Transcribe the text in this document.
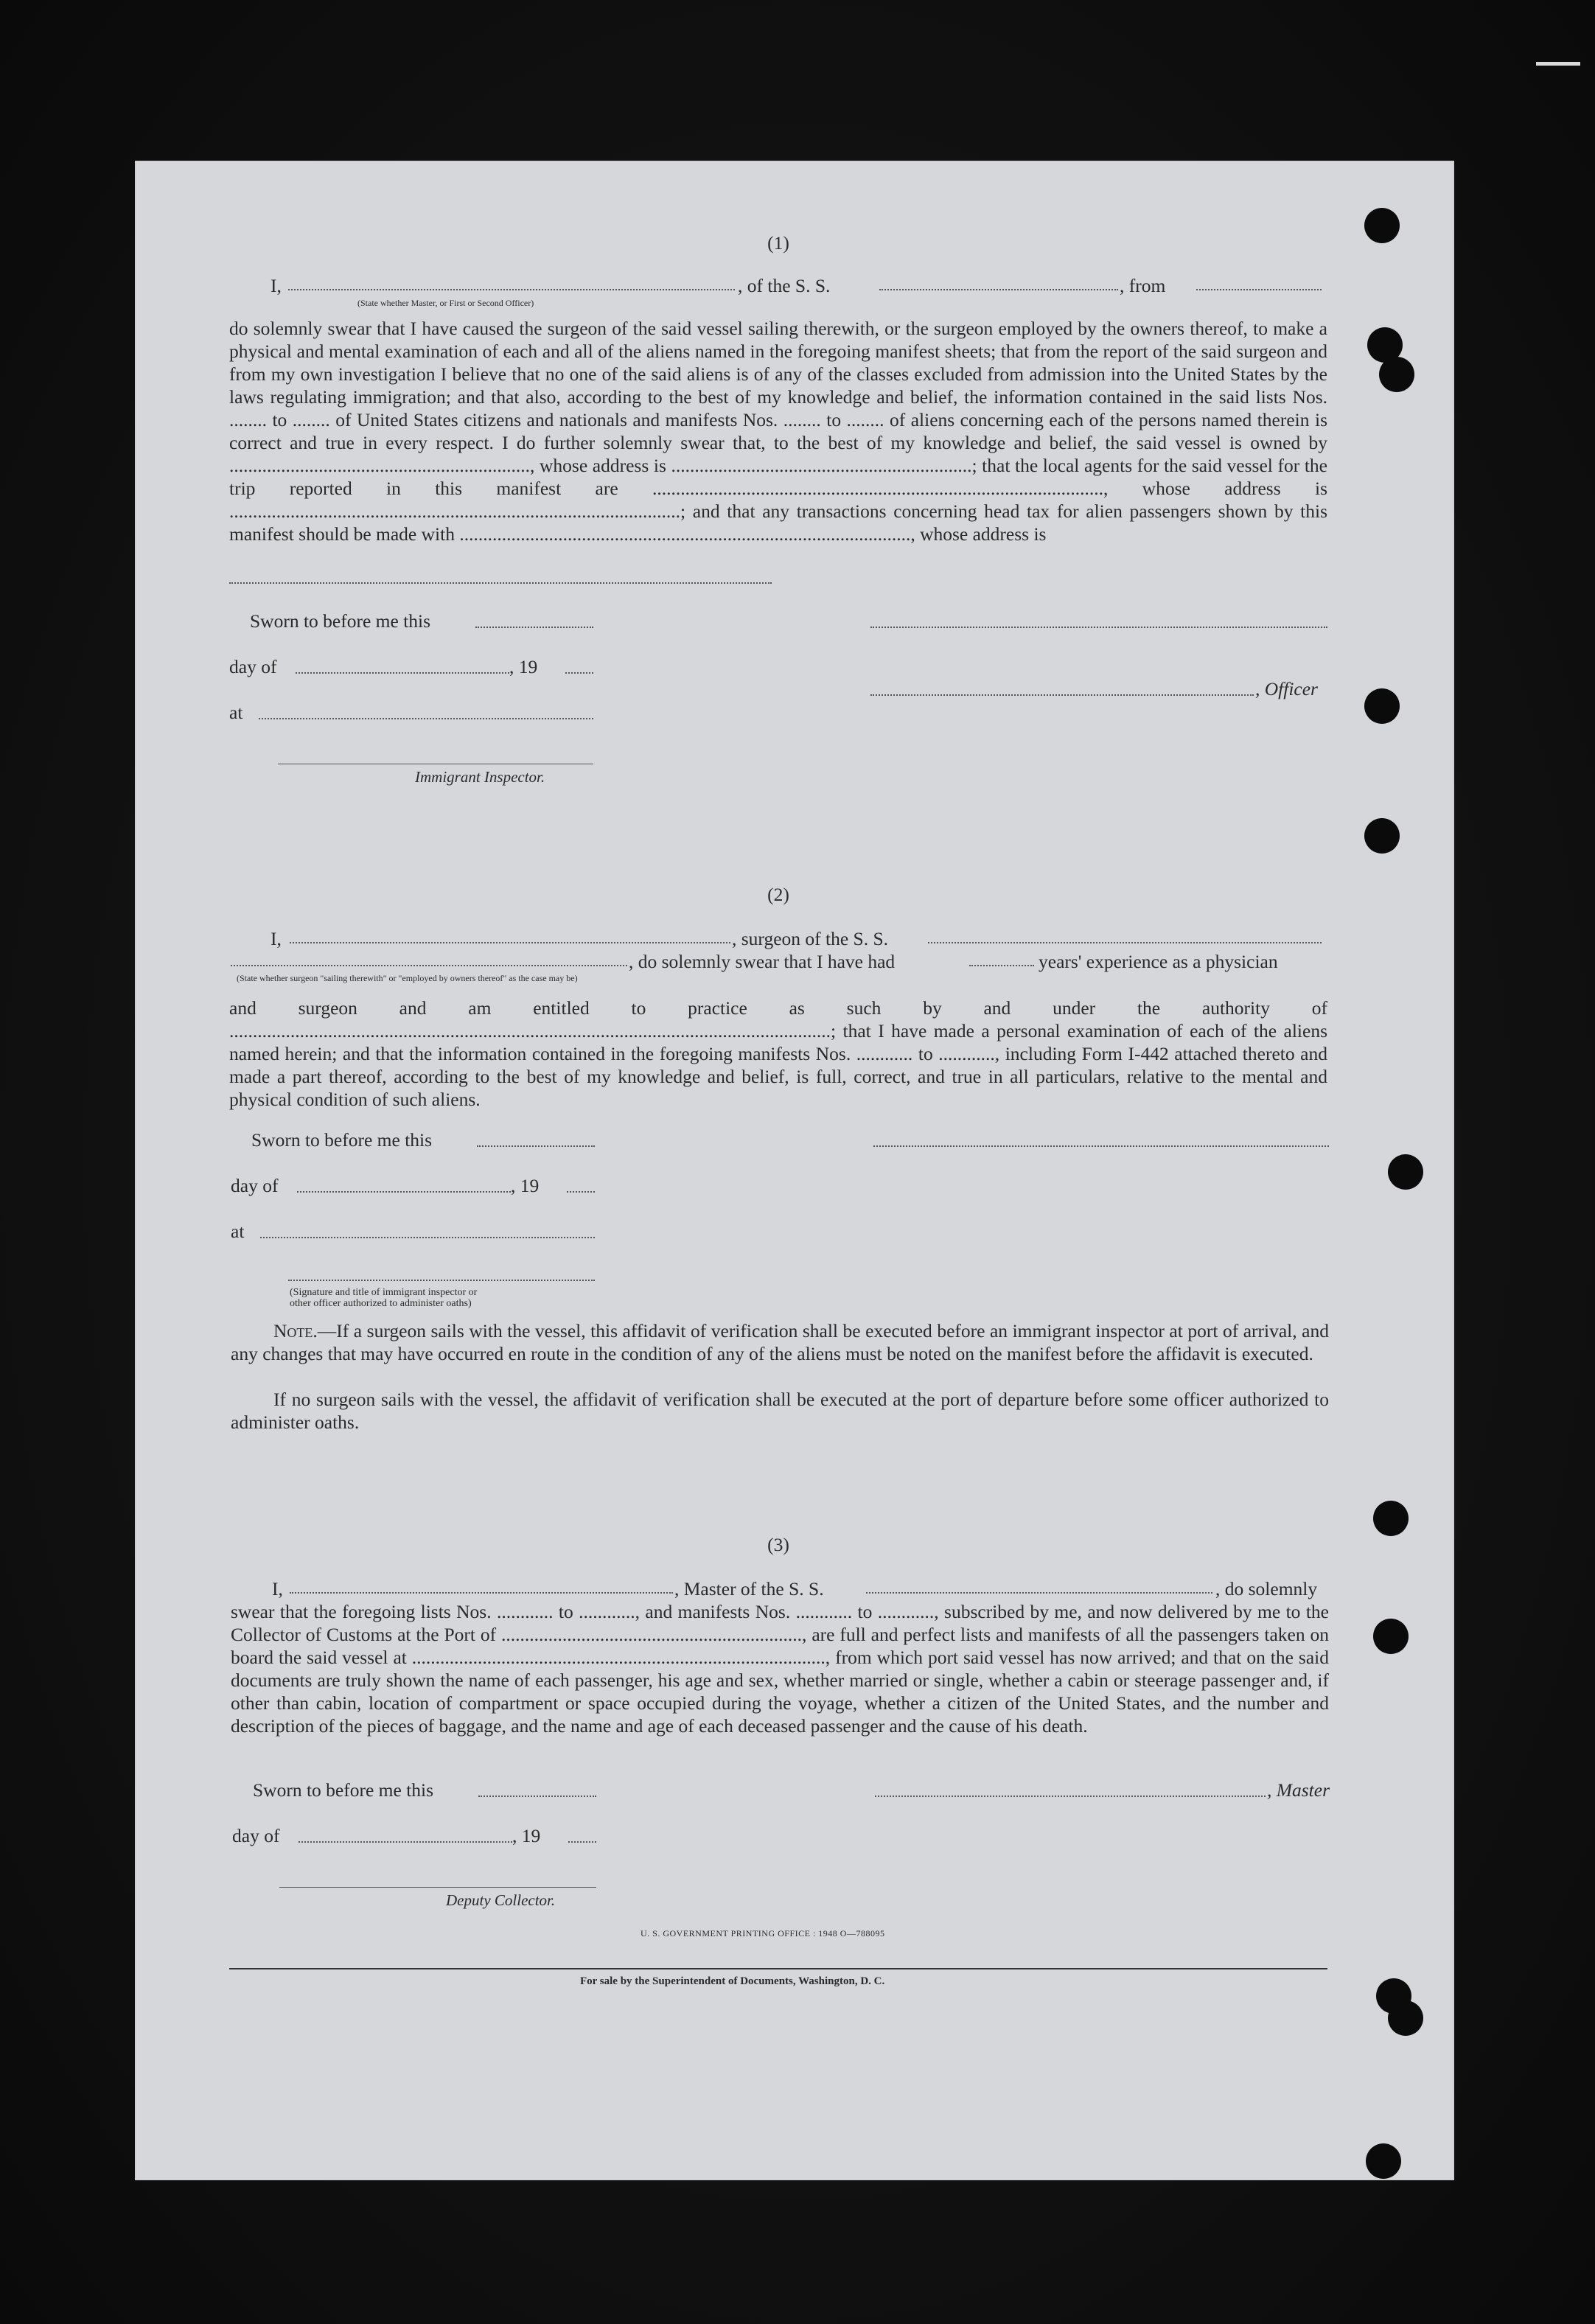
(1)
I,	, of the S. S.	, from
(State whether Master, or First or Second Officer)
do solemnly swear that I have caused the surgeon of the said vessel sailing therewith, or the surgeon employed by the owners thereof, to make a physical and mental examination of each and all of the aliens named in the foregoing manifest sheets; that from the report of the said surgeon and from my own investigation I believe that no one of the said aliens is of any of the classes excluded from admission into the United States by the laws regulating immigration; and that also, according to the best of my knowledge and belief, the information contained in the said lists Nos. ........ to ........ of United States citizens and nationals and manifests Nos. ........ to ........ of aliens concerning each of the persons named therein is correct and true in every respect. I do further solemnly swear that, to the best of my knowledge and belief, the said vessel is owned by ................................................................, whose address is ................................................................; that the local agents for the said vessel for the trip reported in this manifest are ................................................................................................, whose address is ................................................................................................; and that any transactions concerning head tax for alien passengers shown by this manifest should be made with ................................................................................................, whose address is
Sworn to before me this
day of	, 19
, Officer
at
Immigrant Inspector.
(2)
I,	, surgeon of the S. S.
, do solemnly swear that I have had	years' experience as a physician
(State whether surgeon "sailing therewith" or "employed by owners thereof" as the case may be)
and surgeon and am entitled to practice as such by and under the authority of ................................................................................................................................; that I have made a personal examination of each of the aliens named herein; and that the information contained in the foregoing manifests Nos. ............ to ............, including Form I-442 attached thereto and made a part thereof, according to the best of my knowledge and belief, is full, correct, and true in all particulars, relative to the mental and physical condition of such aliens.
Sworn to before me this
day of	, 19
at
(Signature and title of immigrant inspector or
other officer authorized to administer oaths)
Note.—If a surgeon sails with the vessel, this affidavit of verification shall be executed before an immigrant inspector at port of arrival, and any changes that may have occurred en route in the condition of any of the aliens must be noted on the manifest before the affidavit is executed.
If no surgeon sails with the vessel, the affidavit of verification shall be executed at the port of departure before some officer authorized to administer oaths.
(3)
I,	, Master of the S. S.	, do solemnly
swear that the foregoing lists Nos. ............ to ............, and manifests Nos. ............ to ............, subscribed by me, and now delivered by me to the Collector of Customs at the Port of ................................................................, are full and perfect lists and manifests of all the passengers taken on board the said vessel at ........................................................................................, from which port said vessel has now arrived; and that on the said documents are truly shown the name of each passenger, his age and sex, whether married or single, whether a cabin or steerage passenger and, if other than cabin, location of compartment or space occupied during the voyage, whether a citizen of the United States, and the number and description of the pieces of baggage, and the name and age of each deceased passenger and the cause of his death.
Sworn to before me this	, Master
day of	, 19
Deputy Collector.
U. S. GOVERNMENT PRINTING OFFICE : 1948 O—788095
For sale by the Superintendent of Documents, Washington, D. C.
